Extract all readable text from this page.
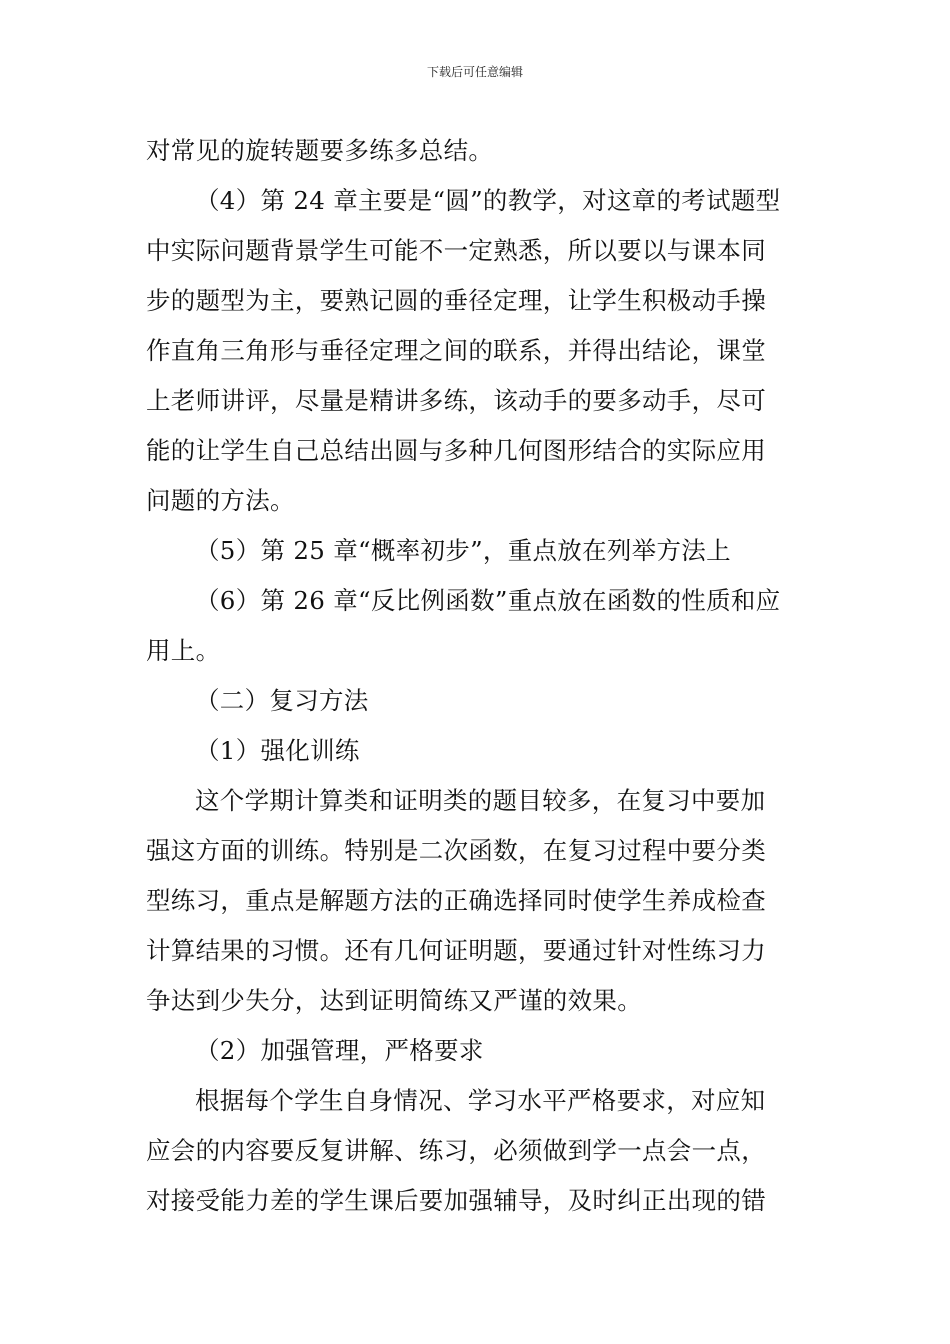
下载后可任意编辑
对常见的旋转题要多练多总结。
（4）第 24 章主要是“圆”的教学，对这章的考试题型
中实际问题背景学生可能不一定熟悉，所以要以与课本同
步的题型为主，要熟记圆的垂径定理，让学生积极动手操
作直角三角形与垂径定理之间的联系，并得出结论，课堂
上老师讲评，尽量是精讲多练，该动手的要多动手，尽可
能的让学生自己总结出圆与多种几何图形结合的实际应用
问题的方法。
（5）第 25 章“概率初步”，重点放在列举方法上
（6）第 26 章“反比例函数”重点放在函数的性质和应
用上。
（二）复习方法
（1）强化训练
这个学期计算类和证明类的题目较多，在复习中要加
强这方面的训练。特别是二次函数，在复习过程中要分类
型练习，重点是解题方法的正确选择同时使学生养成检查
计算结果的习惯。还有几何证明题，要通过针对性练习力
争达到少失分，达到证明简练又严谨的效果。
（2）加强管理，严格要求
根据每个学生自身情况、学习水平严格要求，对应知
应会的内容要反复讲解、练习，必须做到学一点会一点，
对接受能力差的学生课后要加强辅导，及时纠正出现的错
